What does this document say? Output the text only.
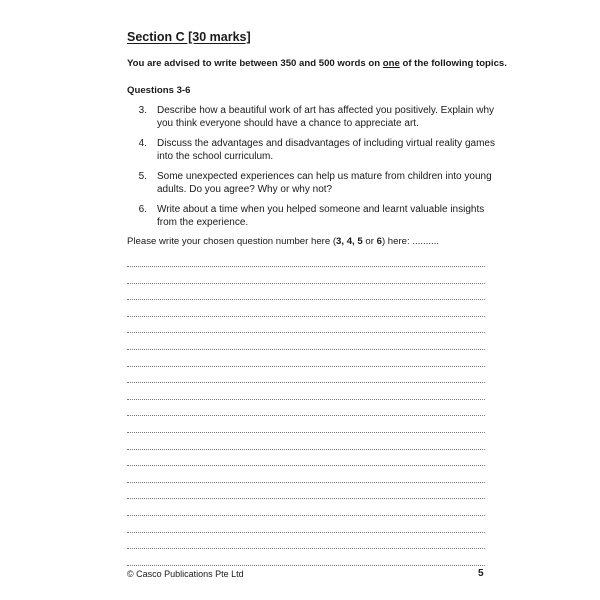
Section C [30 marks]
You are advised to write between 350 and 500 words on one of the following topics.
Questions 3-6
3.	Describe how a beautiful work of art has affected you positively. Explain why you think everyone should have a chance to appreciate art.
4.	Discuss the advantages and disadvantages of including virtual reality games into the school curriculum.
5.	Some unexpected experiences can help us mature from children into young adults. Do you agree? Why or why not?
6.	Write about a time when you helped someone and learnt valuable insights from the experience.
Please write your chosen question number here (3, 4, 5 or 6) here: ..........
© Casco Publications Pte Ltd	5
